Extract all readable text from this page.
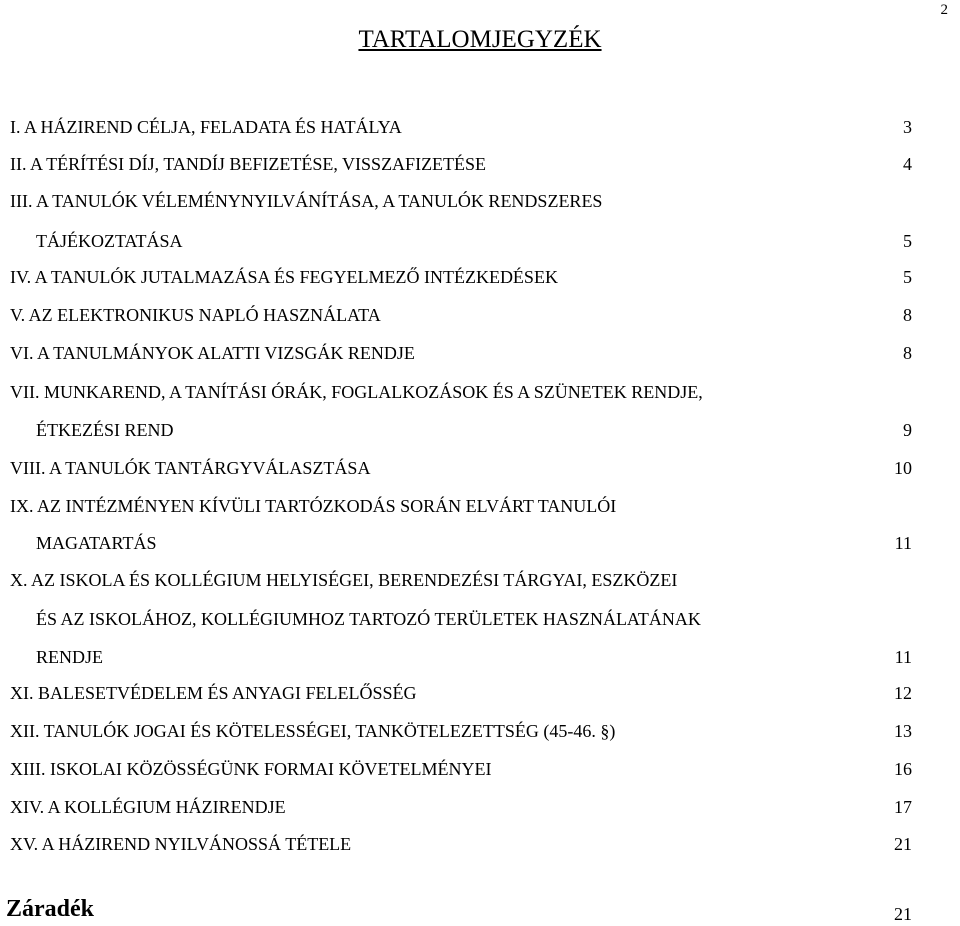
2
TARTALOMJEGYZÉK
I. A HÁZIREND CÉLJA, FELADATA ÉS HATÁLYA	3
II. A TÉRÍTÉSI DÍJ, TANDÍJ BEFIZETÉSE, VISSZAFIZETÉSE	4
III. A TANULÓK VÉLEMÉNYNYILVÁNÍTÁSA, A TANULÓK RENDSZERES
TÁJÉKOZTATÁSA	5
IV. A TANULÓK JUTALMAZÁSA ÉS FEGYELMEZŐ INTÉZKEDÉSEK	5
V. AZ ELEKTRONIKUS NAPLÓ HASZNÁLATA	8
VI. A TANULMÁNYOK ALATTI VIZSGÁK RENDJE	8
VII. MUNKAREND, A TANÍTÁSI ÓRÁK, FOGLALKOZÁSOK ÉS A SZÜNETEK RENDJE,
ÉTKEZÉSI REND	9
VIII. A TANULÓK TANTÁRGYVÁLASZTÁSA	10
IX. AZ INTÉZMÉNYEN KÍVÜLI TARTÓZKODÁS SORÁN ELVÁRT TANULÓI
MAGATARTÁS	11
X. AZ ISKOLA ÉS KOLLÉGIUM HELYISÉGEI, BERENDEZÉSI TÁRGYAI, ESZKÖZEI
ÉS AZ ISKOLÁHOZ, KOLLÉGIUMHOZ TARTOZÓ TERÜLETEK HASZNÁLATÁNAK
RENDJE	11
XI. BALESETVÉDELEM ÉS ANYAGI FELELŐSSÉG	12
XII. TANULÓK JOGAI ÉS KÖTELESSÉGEI, TANKÖTELEZETTSÉG (45-46. §)	13
XIII. ISKOLAI KÖZÖSSÉGÜNK FORMAI KÖVETELMÉNYEI	16
XIV. A KOLLÉGIUM HÁZIRENDJE	17
XV. A HÁZIREND NYILVÁNOSSÁ TÉTELE	21
Záradék	21
